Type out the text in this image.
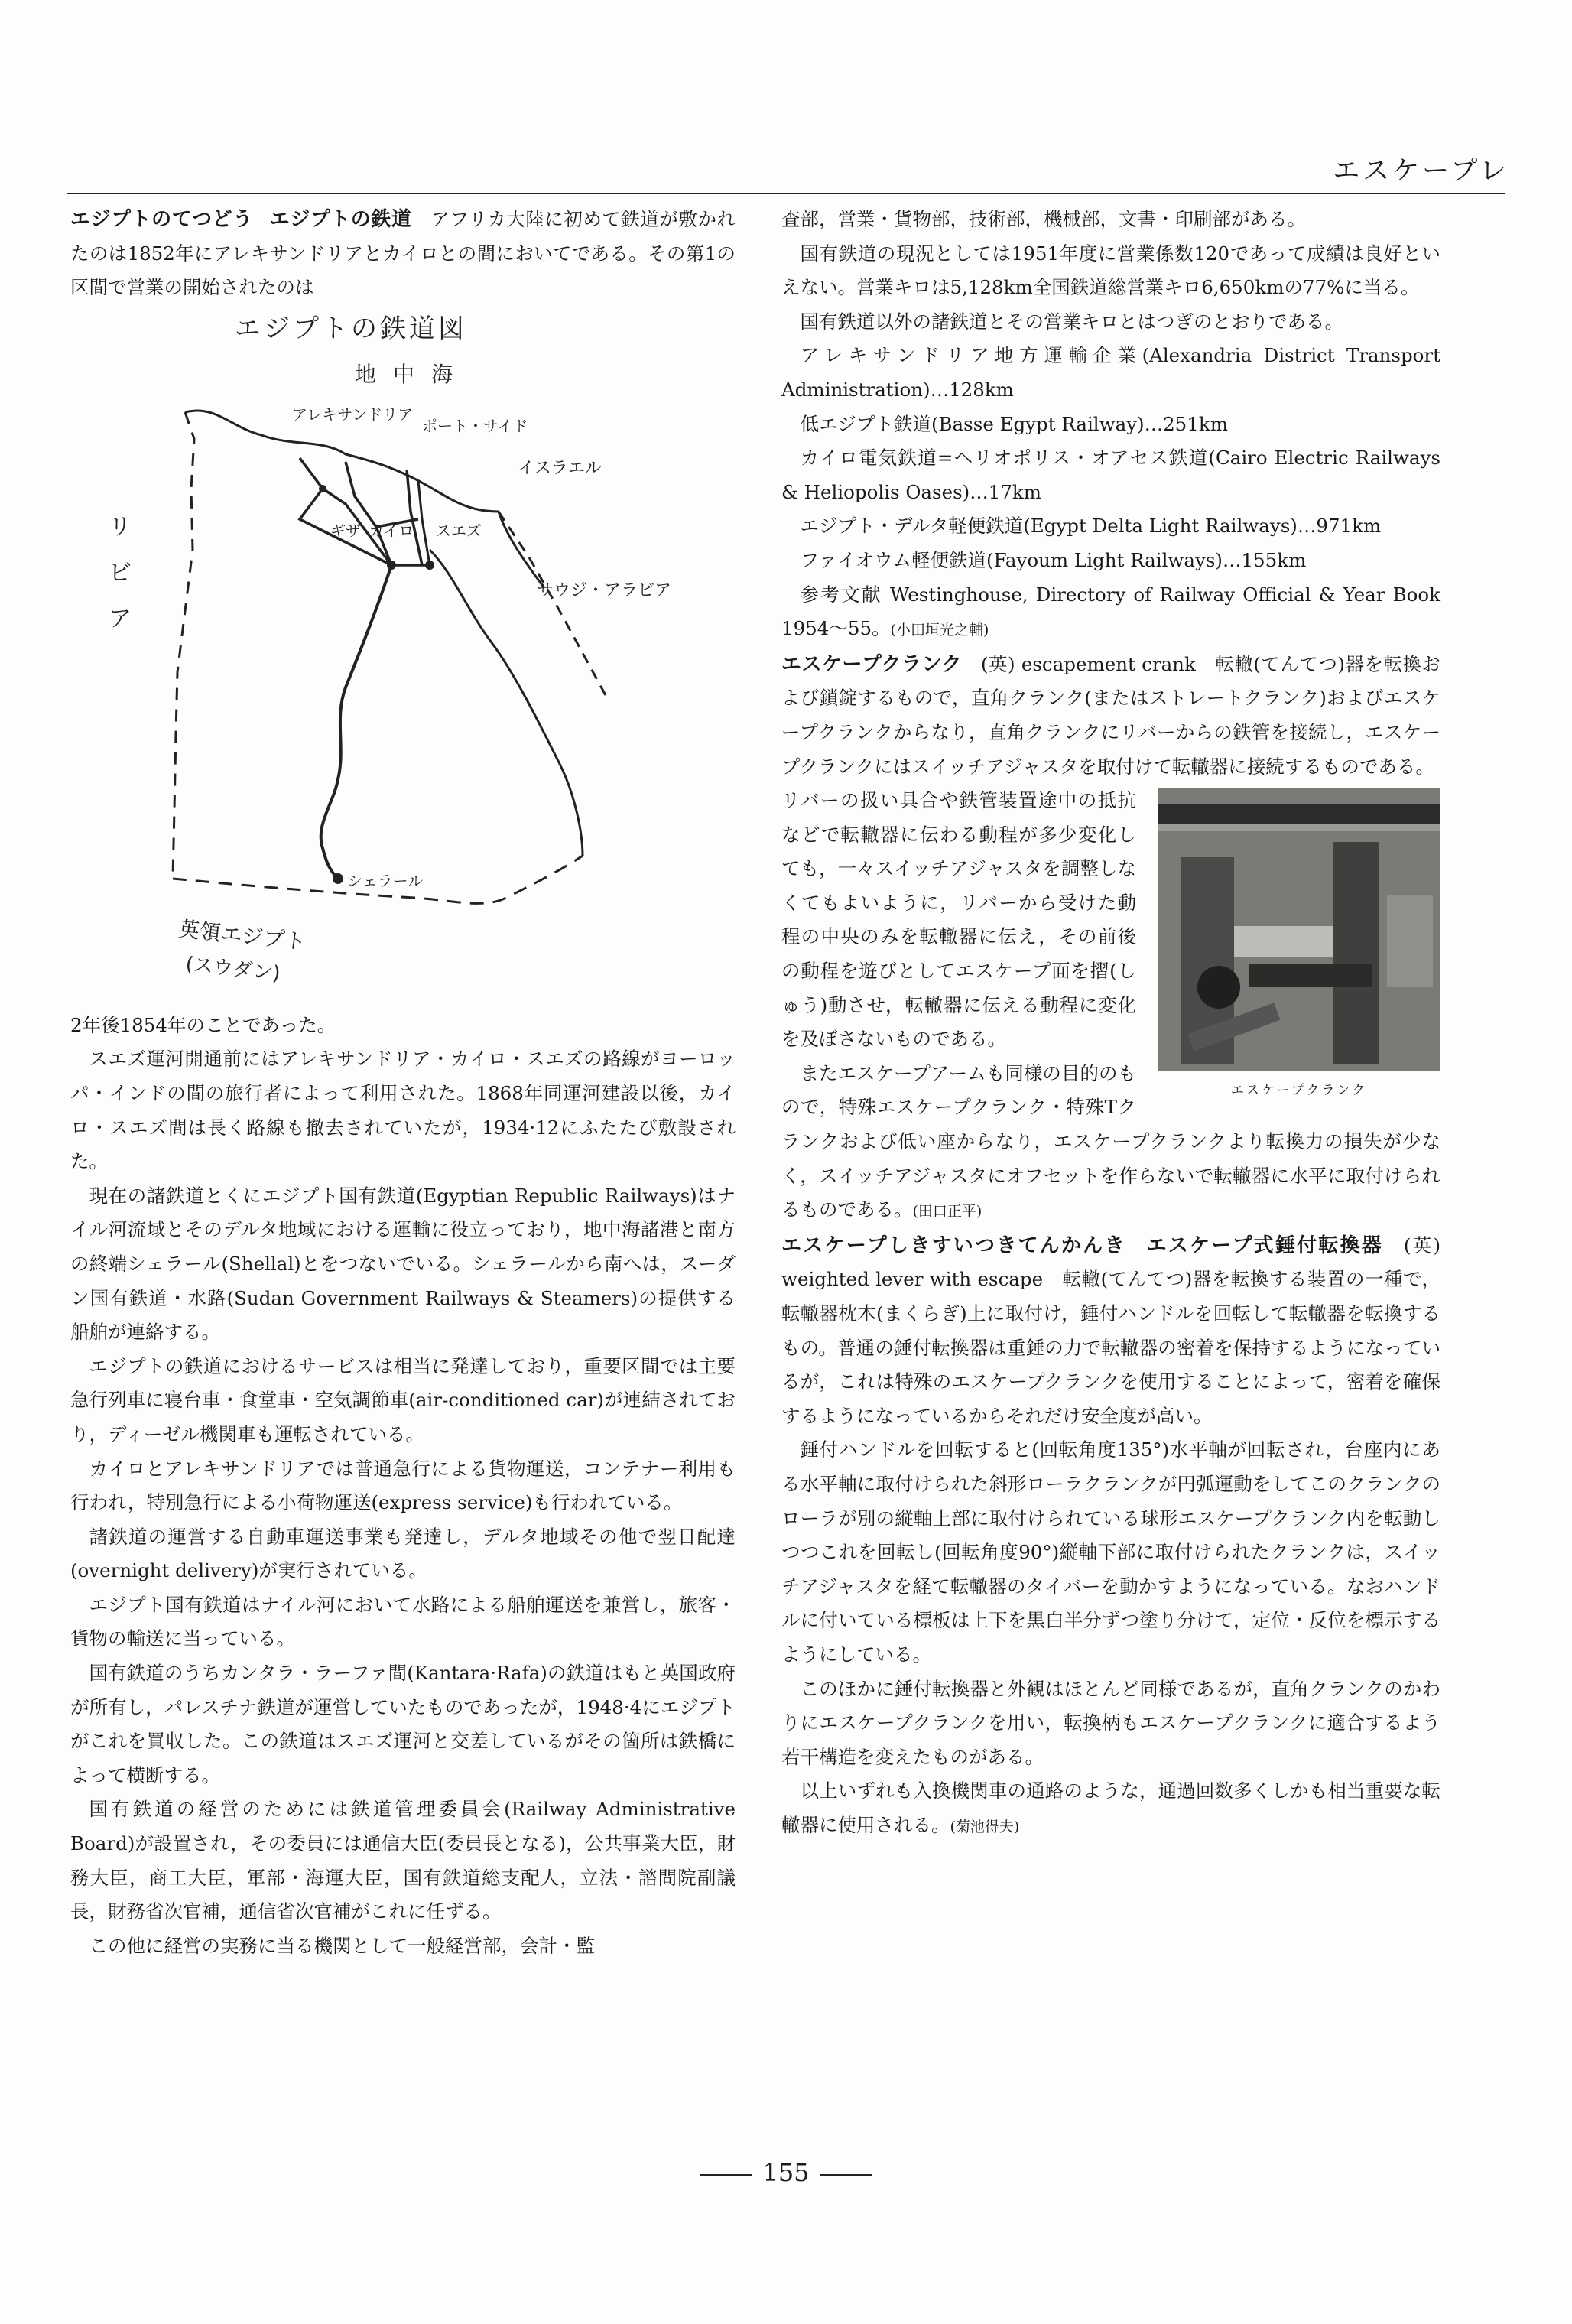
エスケープレ

エジプトのてつどう エジプトの鉄道　 アフリカ大陸に初めて鉄道が敷かれたのは1852年にアレキサンドリアとカイロとの間においてである。その第1の区間で営業の開始されたのは

エジプトの鉄道図
地中海
アレキサンドリア
ポート・サイド
イスラエル
リ
ビ
ア
ギザ カイロ スエズ
サウジ・アラビア
シェラール
英領エジプト
(スウダン)

2年後1854年のことであった。

スエズ運河開通前にはアレキサンドリア・カイロ・スエズの路線がヨーロッパ・インドの間の旅行者によって利用された。1868年同運河建設以後，カイロ・スエズ間は長く路線も撤去されていたが，1934·12にふたたび敷設された。

現在の諸鉄道とくにエジプト国有鉄道(Egyptian Republic Railways)はナイル河流域とそのデルタ地域における運輸に役立っており，地中海諸港と南方の終端シェラール(Shellal)とをつないでいる。シェラールから南へは，スーダン国有鉄道・水路(Sudan Government Railways & Steamers)の提供する船舶が連絡する。

エジプトの鉄道におけるサービスは相当に発達しており，重要区間では主要急行列車に寝台車・食堂車・空気調節車(air-conditioned car)が連結されており，ディーゼル機関車も運転されている。

カイロとアレキサンドリアでは普通急行による貨物運送，コンテナー利用も行われ，特別急行による小荷物運送(express service)も行われている。

諸鉄道の運営する自動車運送事業も発達し，デルタ地域その他で翌日配達(overnight delivery)が実行されている。

エジプト国有鉄道はナイル河において水路による船舶運送を兼営し，旅客・貨物の輸送に当っている。

国有鉄道のうちカンタラ・ラーファ間(Kantara·Rafa)の鉄道はもと英国政府が所有し，パレスチナ鉄道が運営していたものであったが，1948·4にエジプトがこれを買収した。この鉄道はスエズ運河と交差しているがその箇所は鉄橋によって横断する。

国有鉄道の経営のためには鉄道管理委員会(Railway Administrative Board)が設置され，その委員には通信大臣(委員長となる)，公共事業大臣，財務大臣，商工大臣，軍部・海運大臣，国有鉄道総支配人，立法・諮問院副議長，財務省次官補，通信省次官補がこれに任ずる。

この他に経営の実務に当る機関として一般経営部，会計・監

査部，営業・貨物部，技術部，機械部，文書・印刷部がある。

国有鉄道の現況としては1951年度に営業係数120であって成績は良好といえない。営業キロは5,128km全国鉄道総営業キロ6,650kmの77%に当る。

国有鉄道以外の諸鉄道とその営業キロとはつぎのとおりである。

アレキサンドリア地方運輸企業(Alexandria District Transport Administration)…128km

低エジプト鉄道(Basse Egypt Railway)…251km

カイロ電気鉄道=ヘリオポリス・オアセス鉄道(Cairo Electric Railways & Heliopolis Oases)…17km

エジプト・デルタ軽便鉄道(Egypt Delta Light Railways)…971km

ファイオウム軽便鉄道(Fayoum Light Railways)…155km

参考文献 Westinghouse, Directory of Railway Official & Year Book 1954～55。(小田垣光之輔)

エスケープクランク　 (英) escapement crank　 転轍(てんてつ)器を転換および鎖錠するもので，直角クランク(またはストレートクランク)およびエスケープクランクからなり，直角クランクにリバーからの鉄管を接続し，エスケープクランクにはスイッチアジャスタを取付けて転轍器に接続するものである。

エスケープクランク

リバーの扱い具合や鉄管装置途中の抵抗などで転轍器に伝わる動程が多少変化しても，一々スイッチアジャスタを調整しなくてもよいように，リバーから受けた動程の中央のみを転轍器に伝え，その前後の動程を遊びとしてエスケープ面を摺(しゅう)動させ，転轍器に伝える動程に変化を及ぼさないものである。

またエスケープアームも同様の目的のもので，特殊エスケープクランク・特殊Tクランクおよび低い座からなり，エスケープクランクより転換力の損失が少なく，スイッチアジャスタにオフセットを作らないで転轍器に水平に取付けられるものである。(田口正平)

エスケープしきすいつきてんかんき　 エスケープ式錘付転換器　 (英) weighted lever with escape　 転轍(てんてつ)器を転換する装置の一種で，転轍器枕木(まくらぎ)上に取付け，錘付ハンドルを回転して転轍器を転換するもの。普通の錘付転換器は重錘の力で転轍器の密着を保持するようになっているが，これは特殊のエスケープクランクを使用することによって，密着を確保するようになっているからそれだけ安全度が高い。

錘付ハンドルを回転すると(回転角度135°)水平軸が回転され，台座内にある水平軸に取付けられた斜形ローラクランクが円弧運動をしてこのクランクのローラが別の縦軸上部に取付けられている球形エスケープクランク内を転動しつつこれを回転し(回転角度90°)縦軸下部に取付けられたクランクは，スイッチアジャスタを経て転轍器のタイバーを動かすようになっている。なおハンドルに付いている標板は上下を黒白半分ずつ塗り分けて，定位・反位を標示するようにしている。

このほかに錘付転換器と外観はほとんど同様であるが，直角クランクのかわりにエスケープクランクを用い，転換柄もエスケープクランクに適合するよう若干構造を変えたものがある。

以上いずれも入換機関車の通路のような，通過回数多くしかも相当重要な転轍器に使用される。(菊池得夫)

155
